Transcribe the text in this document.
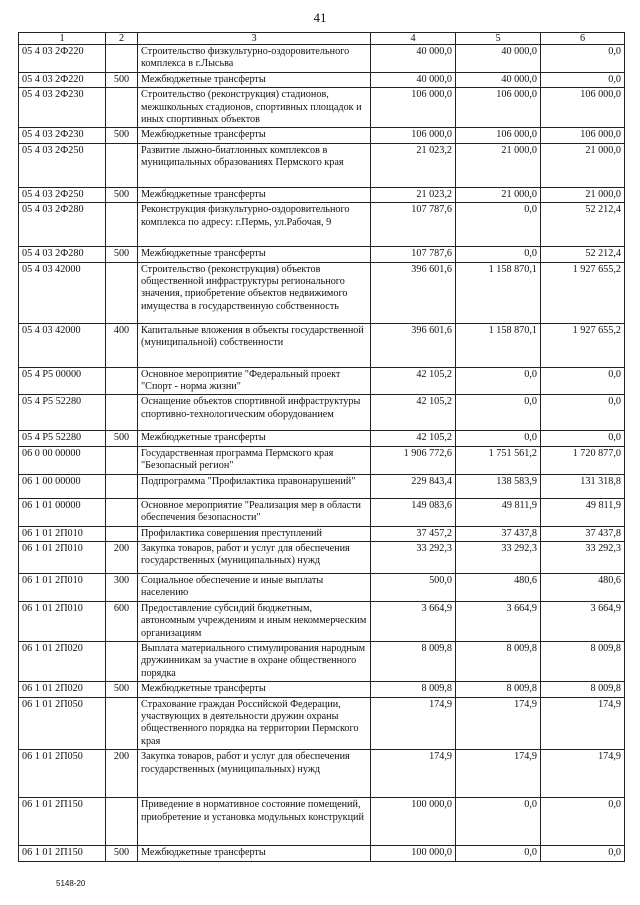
41
1	2	3	4	5	6
05 4 03 2Ф220		Строительство физкультурно-оздоровительного комплекса в г.Лысьва	40 000,0	40 000,0	0,0
05 4 03 2Ф220	500	Межбюджетные трансферты	40 000,0	40 000,0	0,0
05 4 03 2Ф230		Строительство (реконструкция) стадионов, межшкольных стадионов, спортивных площадок и иных спортивных объектов	106 000,0	106 000,0	106 000,0
05 4 03 2Ф230	500	Межбюджетные трансферты	106 000,0	106 000,0	106 000,0
05 4 03 2Ф250		Развитие лыжно-биатлонных комплексов в муниципальных образованиях Пермского края	21 023,2	21 000,0	21 000,0
05 4 03 2Ф250	500	Межбюджетные трансферты	21 023,2	21 000,0	21 000,0
05 4 03 2Ф280		Реконструкция физкультурно-оздоровительного комплекса по адресу: г.Пермь, ул.Рабочая, 9	107 787,6	0,0	52 212,4
05 4 03 2Ф280	500	Межбюджетные трансферты	107 787,6	0,0	52 212,4
05 4 03 42000		Строительство (реконструкция) объектов общественной инфраструктуры регионального значения, приобретение объектов недвижимого имущества в государственную собственность	396 601,6	1 158 870,1	1 927 655,2
05 4 03 42000	400	Капитальные вложения в объекты государственной (муниципальной) собственности	396 601,6	1 158 870,1	1 927 655,2
05 4 Р5 00000		Основное мероприятие "Федеральный проект "Спорт - норма жизни"	42 105,2	0,0	0,0
05 4 Р5 52280		Оснащение объектов спортивной инфраструктуры спортивно-технологическим оборудованием	42 105,2	0,0	0,0
05 4 Р5 52280	500	Межбюджетные трансферты	42 105,2	0,0	0,0
06 0 00 00000		Государственная программа Пермского края "Безопасный регион"	1 906 772,6	1 751 561,2	1 720 877,0
06 1 00 00000		Подпрограмма "Профилактика правонарушений"	229 843,4	138 583,9	131 318,8
06 1 01 00000		Основное мероприятие "Реализация мер в области обеспечения безопасности"	149 083,6	49 811,9	49 811,9
06 1 01 2П010		Профилактика совершения преступлений	37 457,2	37 437,8	37 437,8
06 1 01 2П010	200	Закупка товаров, работ и услуг для обеспечения государственных (муниципальных) нужд	33 292,3	33 292,3	33 292,3
06 1 01 2П010	300	Социальное обеспечение и иные выплаты населению	500,0	480,6	480,6
06 1 01 2П010	600	Предоставление субсидий бюджетным, автономным учреждениям и иным некоммерческим организациям	3 664,9	3 664,9	3 664,9
06 1 01 2П020		Выплата материального стимулирования народным дружинникам за участие в охране общественного порядка	8 009,8	8 009,8	8 009,8
06 1 01 2П020	500	Межбюджетные трансферты	8 009,8	8 009,8	8 009,8
06 1 01 2П050		Страхование граждан Российской Федерации, участвующих в деятельности дружин охраны общественного порядка на территории Пермского края	174,9	174,9	174,9
06 1 01 2П050	200	Закупка товаров, работ и услуг для обеспечения государственных (муниципальных) нужд	174,9	174,9	174,9
06 1 01 2П150		Приведение в нормативное состояние помещений, приобретение и установка модульных конструкций	100 000,0	0,0	0,0
06 1 01 2П150	500	Межбюджетные трансферты	100 000,0	0,0	0,0
5148-20
